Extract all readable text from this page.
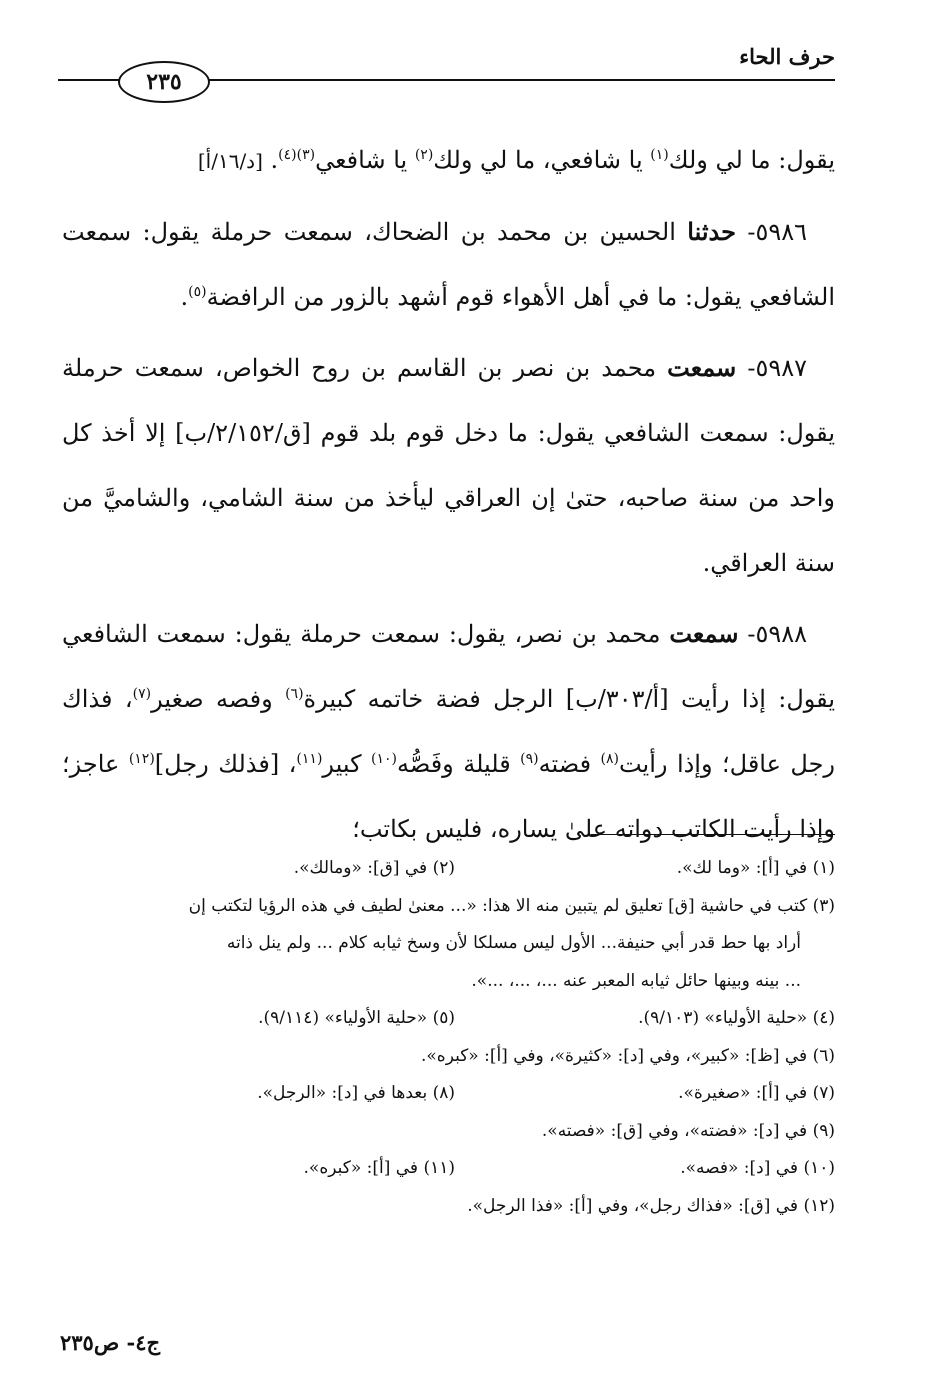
حرف الحاء
٢٣٥

يقول: ما لي ولك$^{(١)}$ يا شافعي، ما لي ولك$^{(٢)}$ يا شافعي$^{(٣)(٤)}$. [د/١٦/أ]

٥٩٨٦- حدثنا الحسين بن محمد بن الضحاك، سمعت حرملة يقول: سمعت الشافعي يقول: ما في أهل الأهواء قوم أشهد بالزور من الرافضة$^{(٥)}$.

٥٩٨٧- سمعت محمد بن نصر بن القاسم بن روح الخواص، سمعت حرملة يقول: سمعت الشافعي يقول: ما دخل قوم بلد قوم [ق/٢/١٥٢/ب] إلا أخذ كل واحد من سنة صاحبه، حتىٰ إن العراقي ليأخذ من سنة الشامي، والشاميَّ من سنة العراقي.

٥٩٨٨- سمعت محمد بن نصر، يقول: سمعت حرملة يقول: سمعت الشافعي يقول: إذا رأيت [أ/٣٠٣/ب] الرجل فضة خاتمه كبيرة$^{(٦)}$ وفصه صغير$^{(٧)}$، فذاك رجل عاقل؛ وإذا رأيت$^{(٨)}$ فضته$^{(٩)}$ قليلة وفَصُّه$^{(١٠)}$ كبير$^{(١١)}$، [فذلك رجل]$^{(١٢)}$ عاجز؛ وإذا رأيت الكاتب دواته علىٰ يساره، فليس بكاتب؛

(١) في [أ]: «وما لك».
(٢) في [ق]: «ومالك».
(٣) كتب في حاشية [ق] تعليق لم يتبين منه الا هذا: «... معنىٰ لطيف في هذه الرؤيا لتكتب إن
أراد بها حط قدر أبي حنيفة... الأول ليس مسلكا لأن وسخ ثيابه كلام ... ولم ينل ذاته
... بينه وبينها حائل ثيابه المعبر عنه ...، ...، ...».
(٤) «حلية الأولياء» (٩/١٠٣).
(٥) «حلية الأولياء» (٩/١١٤).
(٦) في [ظ]: «كبير»، وفي [د]: «كثيرة»، وفي [أ]: «كبره».
(٧) في [أ]: «صغيرة».
(٨) بعدها في [د]: «الرجل».
(٩) في [د]: «فضته»، وفي [ق]: «فصته».
(١٠) في [د]: «فصه».
(١١) في [أ]: «كبره».
(١٢) في [ق]: «فذاك رجل»، وفي [أ]: «فذا الرجل».
ج٤- ص٢٣٥
